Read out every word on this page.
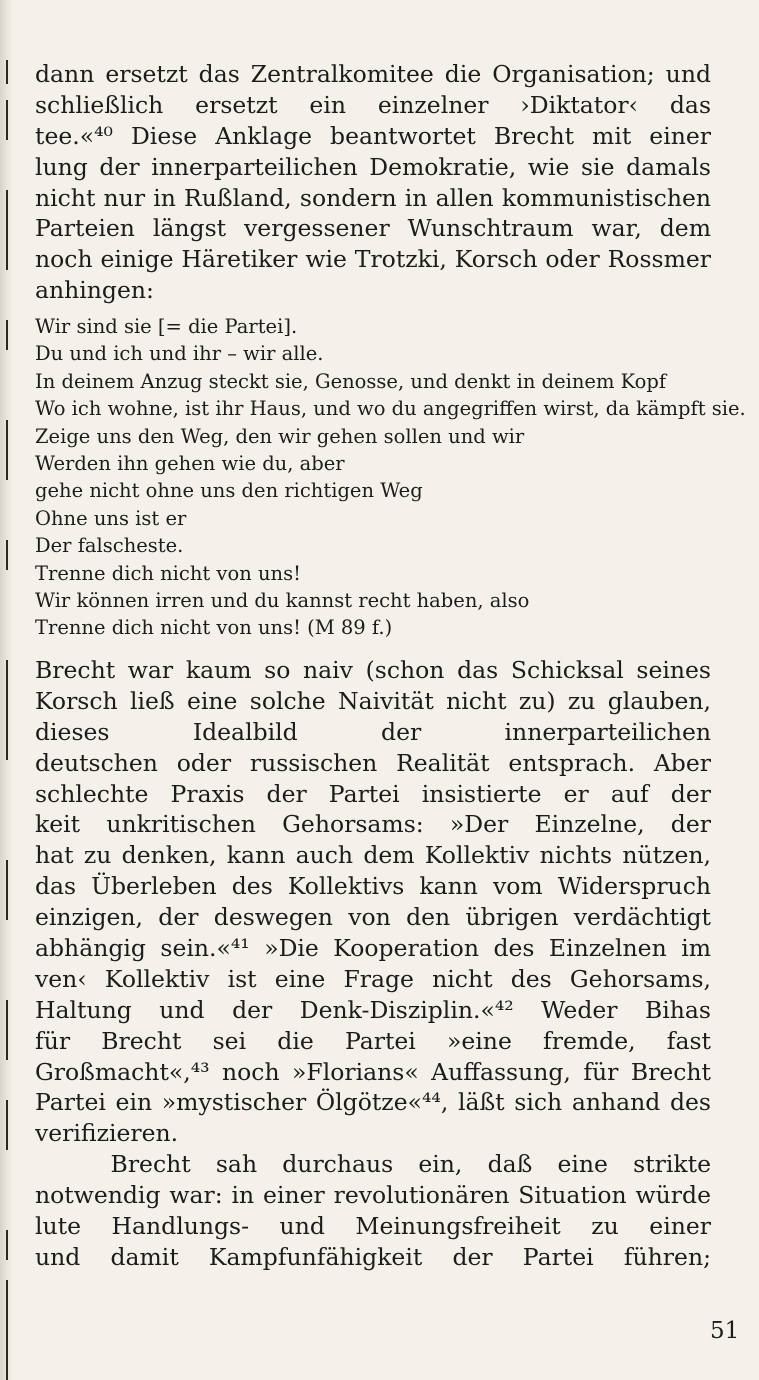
dann ersetzt das Zentralkomitee die Organisation; und
schließlich ersetzt ein einzelner ›Diktator‹ das
tee.«⁴⁰ Diese Anklage beantwortet Brecht mit einer
lung der innerparteilichen Demokratie, wie sie damals
nicht nur in Rußland, sondern in allen kommunistischen
Parteien längst vergessener Wunschtraum war, dem
noch einige Häretiker wie Trotzki, Korsch oder Rossmer
anhingen:
Wir sind sie [= die Partei].
Du und ich und ihr – wir alle.
In deinem Anzug steckt sie, Genosse, und denkt in deinem Kopf
Wo ich wohne, ist ihr Haus, und wo du angegriffen wirst, da kämpft sie.
Zeige uns den Weg, den wir gehen sollen und wir
Werden ihn gehen wie du, aber
gehe nicht ohne uns den richtigen Weg
Ohne uns ist er
Der falscheste.
Trenne dich nicht von uns!
Wir können irren und du kannst recht haben, also
Trenne dich nicht von uns! (M 89 f.)
Brecht war kaum so naiv (schon das Schicksal seines
Korsch ließ eine solche Naivität nicht zu) zu glauben,
dieses Idealbild der innerparteilichen
deutschen oder russischen Realität entsprach. Aber
schlechte Praxis der Partei insistierte er auf der
keit unkritischen Gehorsams: »Der Einzelne, der
hat zu denken, kann auch dem Kollektiv nichts nützen,
das Überleben des Kollektivs kann vom Widerspruch
einzigen, der deswegen von den übrigen verdächtigt
abhängig sein.«⁴¹ »Die Kooperation des Einzelnen im
ven‹ Kollektiv ist eine Frage nicht des Gehorsams,
Haltung und der Denk-Disziplin.«⁴² Weder Bihas
für Brecht sei die Partei »eine fremde, fast
Großmacht«,⁴³ noch »Florians« Auffassung, für Brecht
Partei ein »mystischer Ölgötze«⁴⁴, läßt sich anhand des
verifizieren.
Brecht sah durchaus ein, daß eine strikte
notwendig war: in einer revolutionären Situation würde
lute Handlungs- und Meinungsfreiheit zu einer
und damit Kampfunfähigkeit der Partei führen;
51
